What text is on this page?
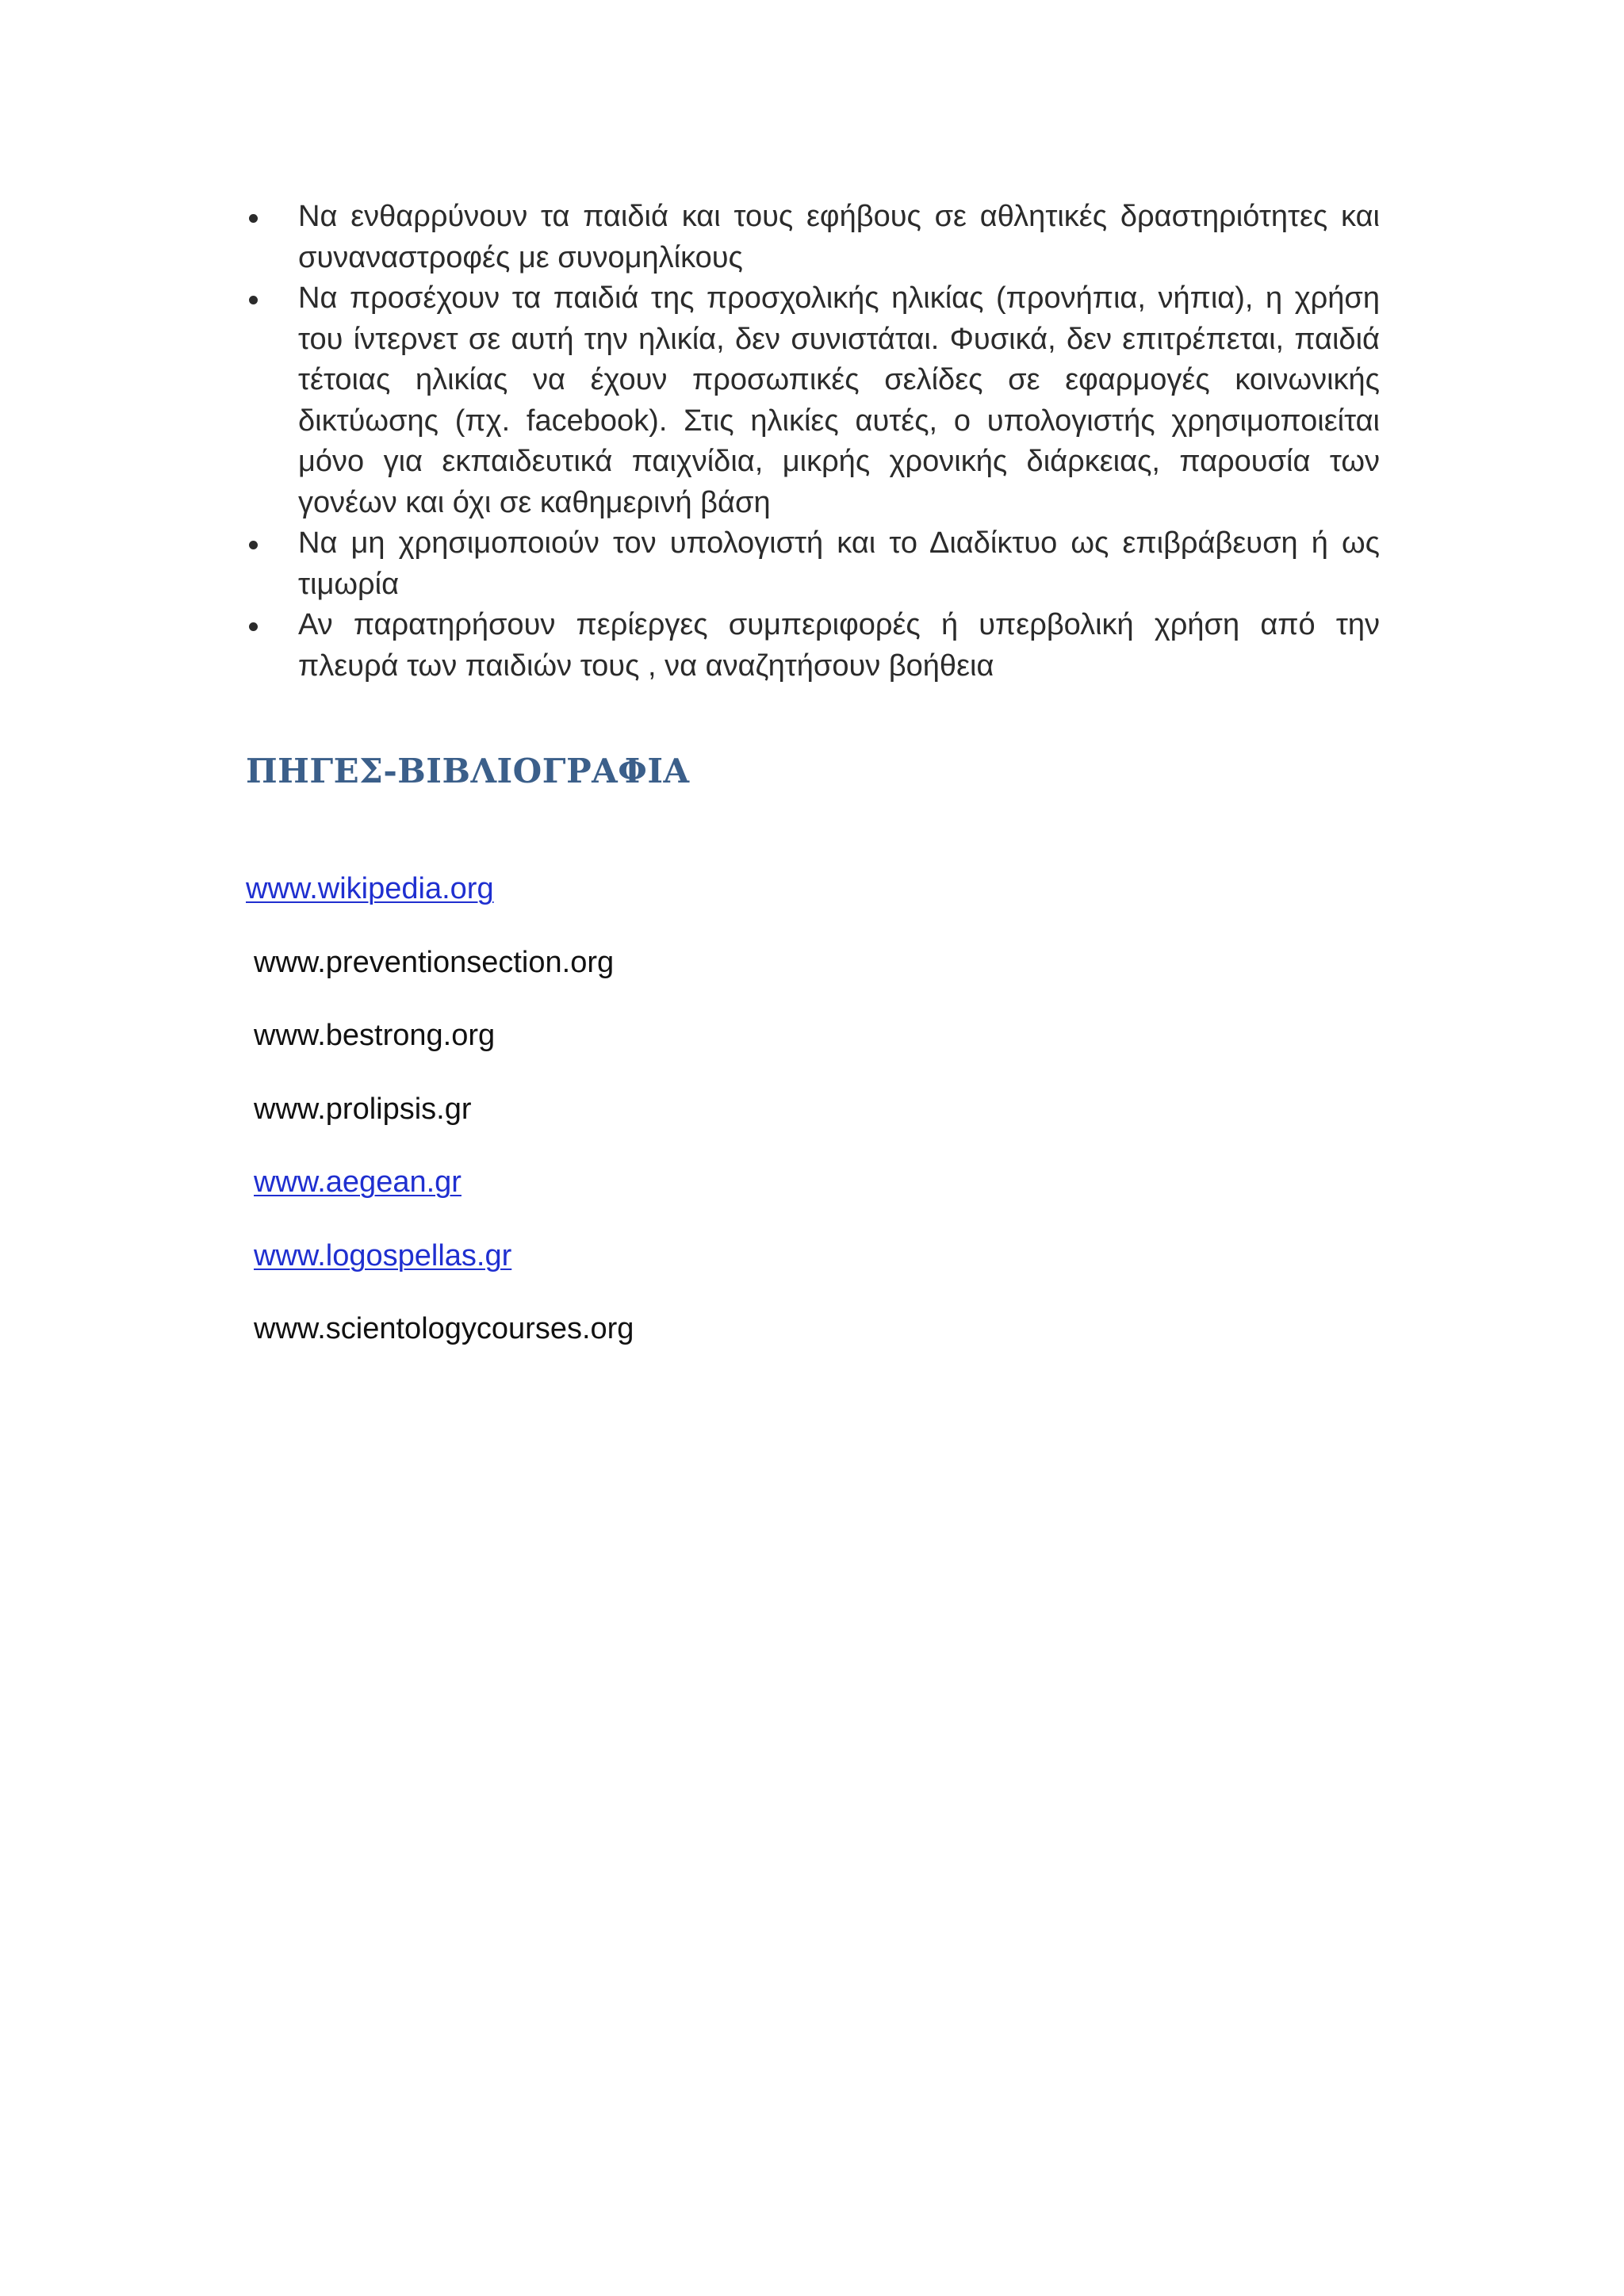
Να ενθαρρύνουν τα παιδιά και τους εφήβους σε αθλητικές δραστηριότητες και συναναστροφές με συνομηλίκους
Να προσέχουν τα παιδιά της προσχολικής ηλικίας (προνήπια, νήπια), η χρήση του ίντερνετ σε αυτή την ηλικία, δεν συνιστάται. Φυσικά, δεν επιτρέπεται, παιδιά τέτοιας ηλικίας να έχουν προσωπικές σελίδες σε εφαρμογές κοινωνικής δικτύωσης (πχ. facebook). Στις ηλικίες αυτές, ο υπολογιστής χρησιμοποιείται μόνο για εκπαιδευτικά παιχνίδια, μικρής χρονικής διάρκειας, παρουσία των γονέων και όχι σε καθημερινή βάση
Να μη χρησιμοποιούν τον υπολογιστή και το Διαδίκτυο ως επιβράβευση ή ως τιμωρία
Αν παρατηρήσουν περίεργες συμπεριφορές ή υπερβολική χρήση από την πλευρά των παιδιών τους , να αναζητήσουν βοήθεια
ΠΗΓΕΣ-ΒΙΒΛΙΟΓΡΑΦΙΑ
www.wikipedia.org
www.preventionsection.org
www.bestrong.org
www.prolipsis.gr
www.aegean.gr
www.logospellas.gr
www.scientologycourses.org
